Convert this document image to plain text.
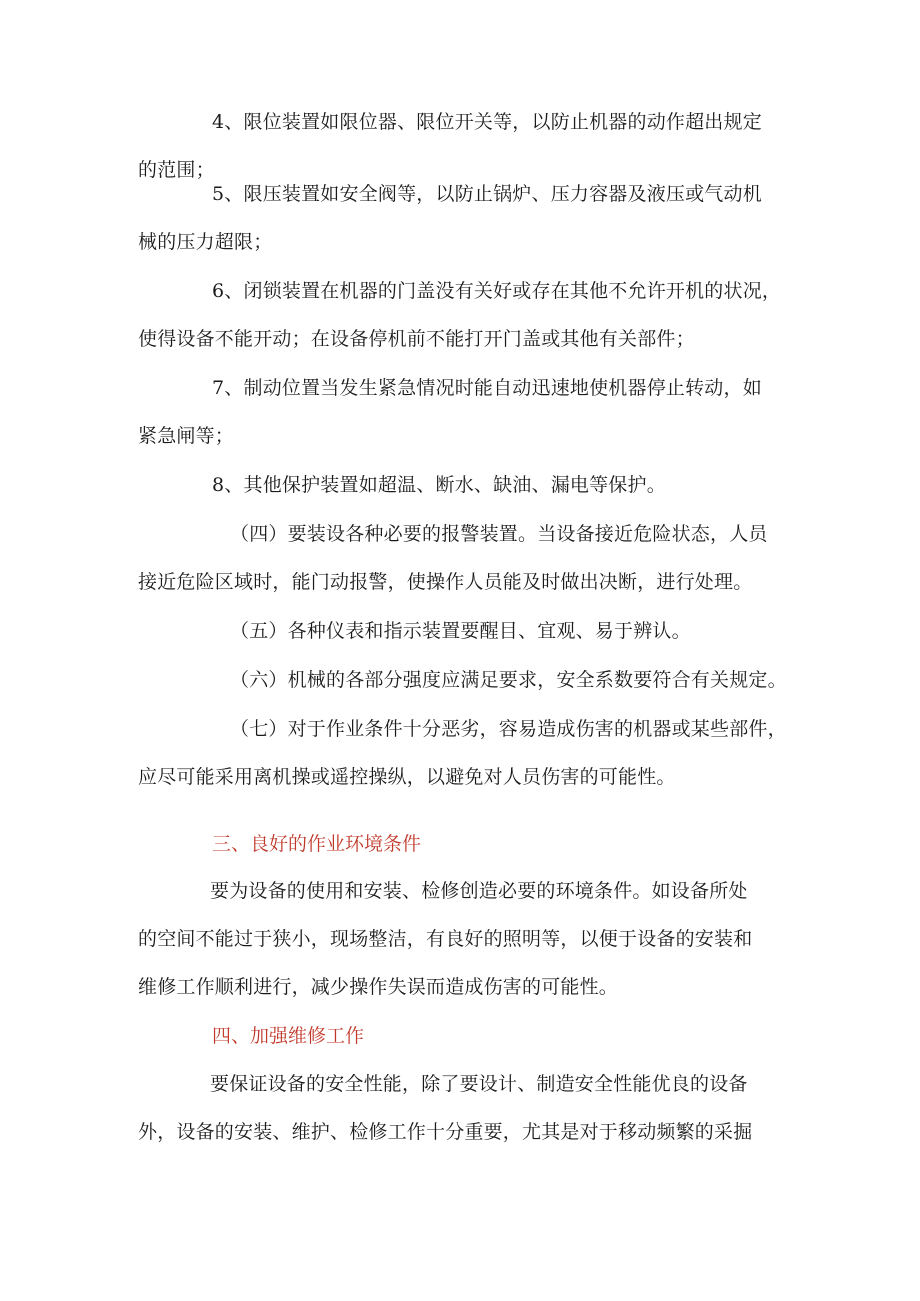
4、限位装置如限位器、限位开关等，以防止机器的动作超出规定
的范围；

5、限压装置如安全阀等，以防止锅炉、压力容器及液压或气动机
械的压力超限；

6、闭锁装置在机器的门盖没有关好或存在其他不允许开机的状况，
使得设备不能开动；在设备停机前不能打开门盖或其他有关部件；

7、制动位置当发生紧急情况时能自动迅速地使机器停止转动，如
紧急闸等；

8、其他保护装置如超温、断水、缺油、漏电等保护。

（四）要装设各种必要的报警装置。当设备接近危险状态，人员
接近危险区域时，能门动报警，使操作人员能及时做出决断，进行处理。

（五）各种仪表和指示装置要醒目、宜观、易于辨认。

（六）机械的各部分强度应满足要求，安全系数要符合有关规定。

（七）对于作业条件十分恶劣，容易造成伤害的机器或某些部件，
应尽可能采用离机操或遥控操纵，以避免对人员伤害的可能性。

三、良好的作业环境条件

要为设备的使用和安装、检修创造必要的环境条件。如设备所处
的空间不能过于狭小，现场整洁，有良好的照明等，以便于设备的安装和
维修工作顺利进行，减少操作失误而造成伤害的可能性。

四、加强维修工作

要保证设备的安全性能，除了要设计、制造安全性能优良的设备
外，设备的安装、维护、检修工作十分重要，尤其是对于移动频繁的采掘
